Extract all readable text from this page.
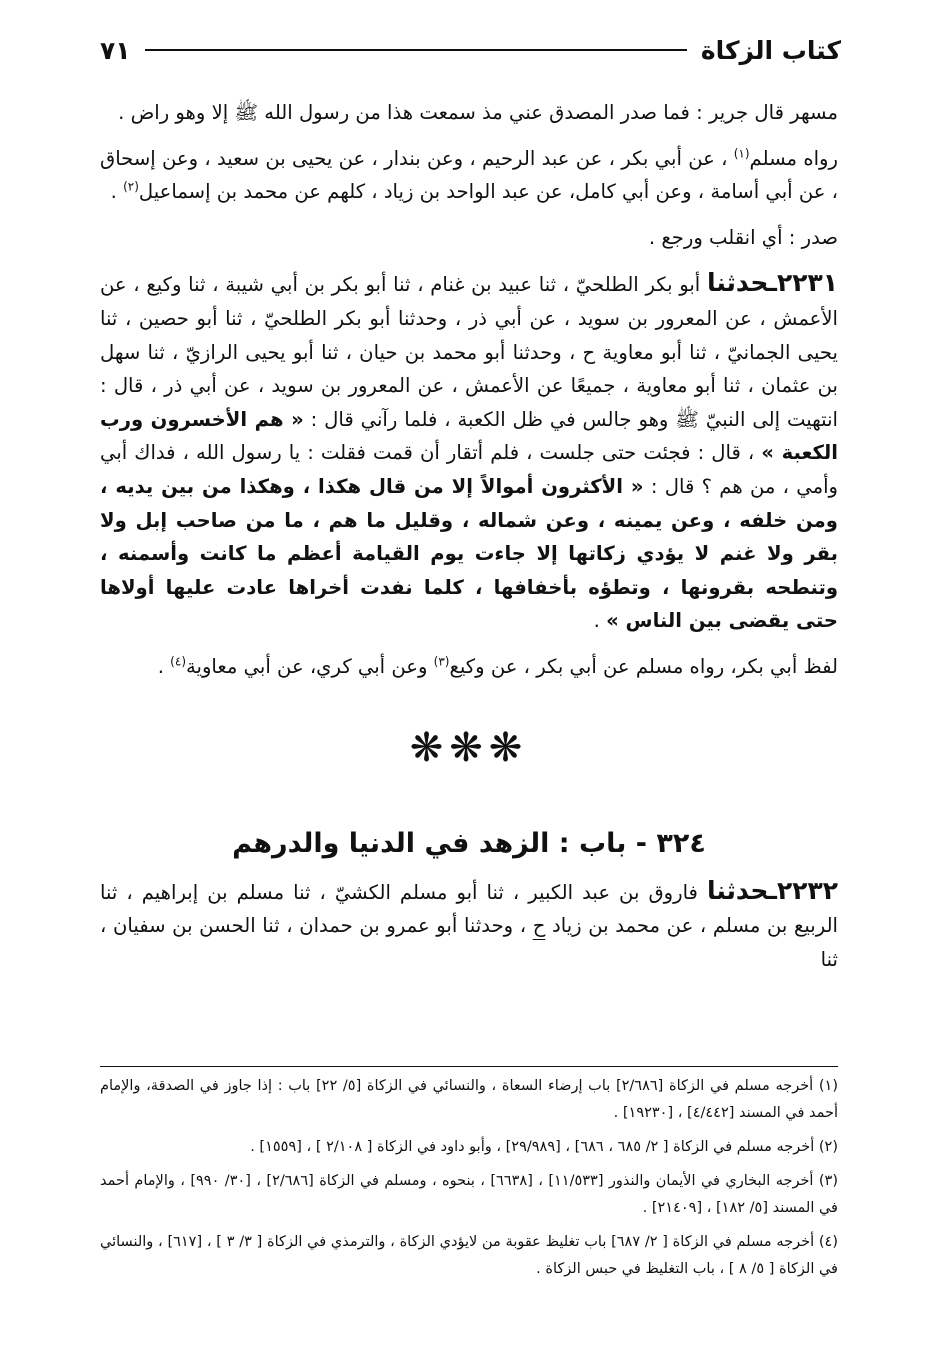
كتاب الزكاة
٧١

مسهر قال جرير : فما صدر المصدق عني مذ سمعت هذا من رسول الله ﷺ إلا وهو راض .

رواه مسلم$^{(١)}$ ، عن أبي بكر ، عن عبد الرحيم ، وعن بندار ، عن يحيى بن سعيد ، وعن إسحاق ، عن أبي أسامة ، وعن أبي كامل، عن عبد الواحد بن زياد ، كلهم عن محمد بن إسماعيل$^{(٢)}$ .

صدر : أي انقلب ورجع .

٢٢٣١ـحدثنا أبو بكر الطلحيّ ، ثنا عبيد بن غنام ، ثنا أبو بكر بن أبي شيبة ، ثنا وكيع ، عن الأعمش ، عن المعرور بن سويد ، عن أبي ذر ، وحدثنا أبو بكر الطلحيّ ، ثنا أبو حصين ، ثنا يحيى الجمانيّ ، ثنا أبو معاوية ح ، وحدثنا أبو محمد بن حيان ، ثنا أبو يحيى الرازيّ ، ثنا سهل بن عثمان ، ثنا أبو معاوية ، جميعًا عن الأعمش ، عن المعرور بن سويد ، عن أبي ذر ، قال : انتهيت إلى النبيّ ﷺ وهو جالس في ظل الكعبة ، فلما رآني قال : « هم الأخسرون ورب الكعبة » ، قال : فجئت حتى جلست ، فلم أتقار أن قمت فقلت : يا رسول الله ، فداك أبي وأمي ، من هم ؟ قال : « الأكثرون أموالاً إلا من قال هكذا ، وهكذا من بين يديه ، ومن خلفه ، وعن يمينه ، وعن شماله ، وقليل ما هم ، ما من صاحب إبل ولا بقر ولا غنم لا يؤدي زكاتها إلا جاءت يوم القيامة أعظم ما كانت وأسمنه ، وتنطحه بقرونها ، وتطؤه بأخفافها ، كلما نفدت أخراها عادت عليها أولاها حتى يقضى بين الناس » .

لفظ أبي بكر، رواه مسلم عن أبي بكر ، عن وكيع$^{(٣)}$ وعن أبي كري، عن أبي معاوية$^{(٤)}$ .

❋❋❋
٣٢٤ - باب : الزهد في الدنيا والدرهم

٢٢٣٢ـحدثنا فاروق بن عبد الكبير ، ثنا أبو مسلم الكشيّ ، ثنا مسلم بن إبراهيم ، ثنا الربيع بن مسلم ، عن محمد بن زياد ح ، وحدثنا أبو عمرو بن حمدان ، ثنا الحسن بن سفيان ، ثنا

(١) أخرجه مسلم في الزكاة [٢/٦٨٦] باب إرضاء السعاة ، والنسائي في الزكاة [٥/ ٢٢] باب : إذا جاوز في الصدقة، والإمام أحمد في المسند [٤/٤٤٢] ، [١٩٢٣٠] .

(٢) أخرجه مسلم في الزكاة [ ٢/ ٦٨٥ ، ٦٨٦] ، [٢٩/٩٨٩] ، وأبو داود في الزكاة [ ٢/١٠٨ ] ، [١٥٥٩] .

(٣) أخرجه البخاري في الأيمان والنذور [١١/٥٣٣] ، [٦٦٣٨] ، بنحوه ، ومسلم في الزكاة [٢/٦٨٦] ، [٣٠/ ٩٩٠] ، والإمام أحمد في المسند [٥/ ١٨٢] ، [٢١٤٠٩] .

(٤) أخرجه مسلم في الزكاة [ ٢/ ٦٨٧] باب تغليظ عقوبة من لايؤدي الزكاة ، والترمذي في الزكاة [ ٣/ ٣ ] ، [٦١٧] ، والنسائي في الزكاة [ ٥/ ٨ ] ، باب التغليظ في حبس الزكاة .
